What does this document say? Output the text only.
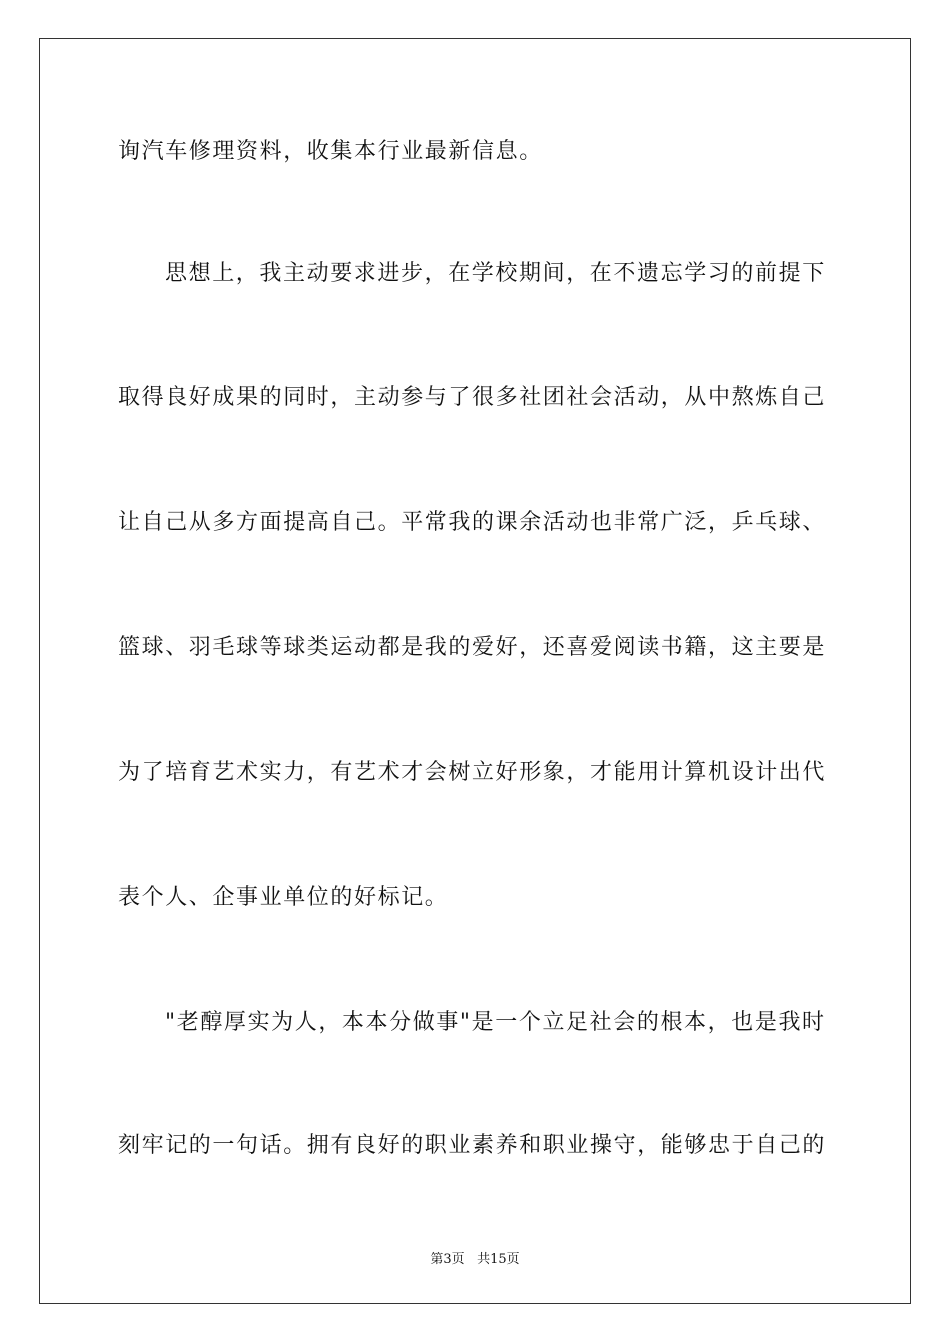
询汽车修理资料，收集本行业最新信息。
思想上，我主动要求进步，在学校期间，在不遗忘学习的前提下
取得良好成果的同时，主动参与了很多社团社会活动，从中熬炼自己
让自己从多方面提高自己。平常我的课余活动也非常广泛，乒乓球、
篮球、羽毛球等球类运动都是我的爱好，还喜爱阅读书籍，这主要是
为了培育艺术实力，有艺术才会树立好形象，才能用计算机设计出代
表个人、企事业单位的好标记。
"老醇厚实为人，本本分做事"是一个立足社会的根本，也是我时
刻牢记的一句话。拥有良好的职业素养和职业操守，能够忠于自己的
第3页 共15页
